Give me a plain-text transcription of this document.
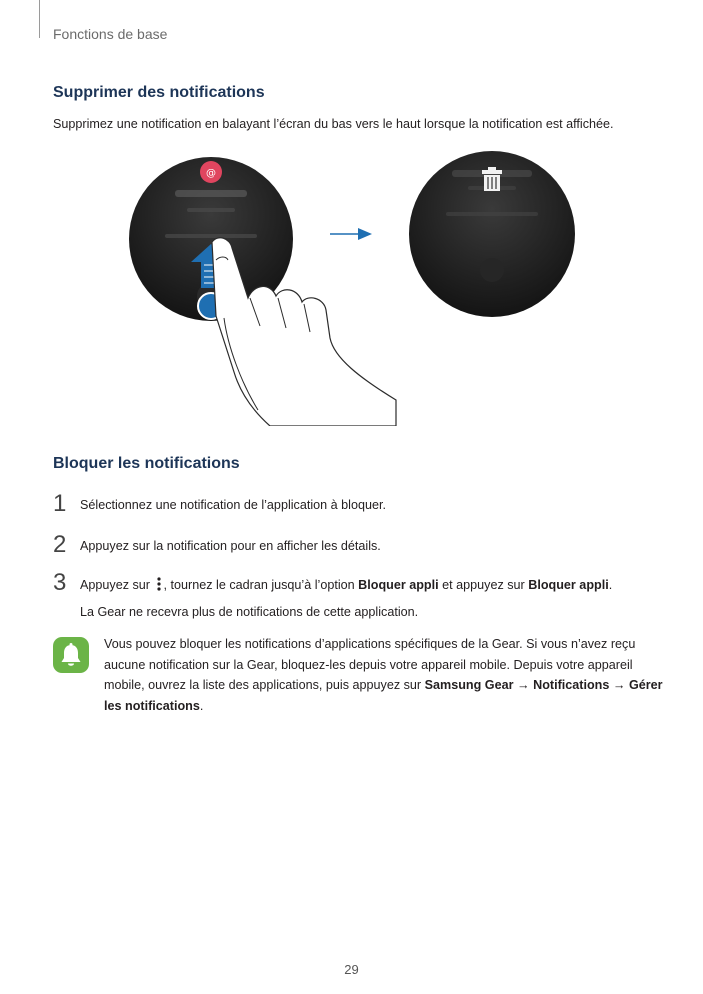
Fonctions de base
Supprimer des notifications
Supprimez une notification en balayant l’écran du bas vers le haut lorsque la notification est affichée.
@
Bloquer les notifications
1 Sélectionnez une notification de l’application à bloquer.
2 Appuyez sur la notification pour en afficher les détails.
3 Appuyez sur , tournez le cadran jusqu’à l’option Bloquer appli et appuyez sur Bloquer appli.
La Gear ne recevra plus de notifications de cette application.
Vous pouvez bloquer les notifications d’applications spécifiques de la Gear. Si vous n’avez reçu aucune notification sur la Gear, bloquez-les depuis votre appareil mobile. Depuis votre appareil mobile, ouvrez la liste des applications, puis appuyez sur Samsung Gear → Notifications → Gérer les notifications.
29
